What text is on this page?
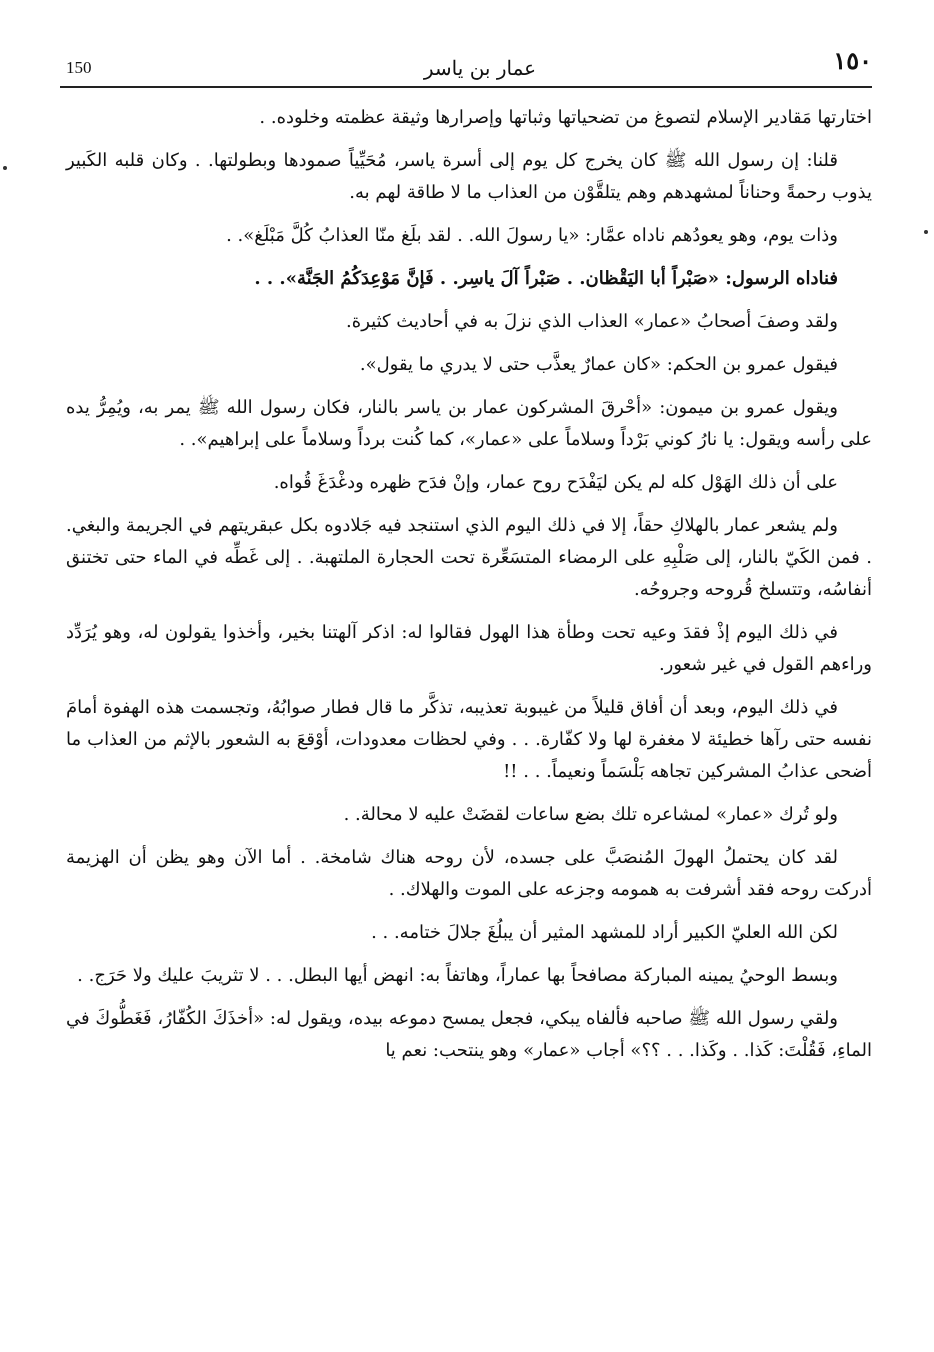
150	عمار بن ياسر	١٥٠

اختارتها مَقادير الإسلام لتصوغ من تضحياتها وثباتها وإصرارها وثيقة عظمته وخلوده. .

قلنا: إن رسول الله ﷺ كان يخرج كل يوم إلى أسرة ياسر، مُحَيِّياً صمودها وبطولتها. . وكان قلبه الكَبير يذوب رحمةً وحناناً لمشهدهم وهم يتلقَّوْن من العذاب ما لا طاقة لهم به.

وذات يوم، وهو يعودُهم ناداه عمَّار: «يا رسولَ الله. . لقد بلَغ منّا العذابُ كُلَّ مَبْلَغ». .

فناداه الرسول: «صَبْراً أبا اليَقْظان. . صَبْراً آلَ ياسِر. . فَإنَّ مَوْعِدَكُمُ الجَنَّة». . .

ولقد وصفَ أصحابُ «عمار» العذاب الذي نزلَ به في أحاديث كثيرة.

فيقول عمرو بن الحكم: «كان عمارٌ يعذَّب حتى لا يدري ما يقول».

ويقول عمرو بن ميمون: «أحْرقَ المشركون عمار بن ياسر بالنار، فكان رسول الله ﷺ يمر به، ويُمِرُّ يده على رأسه ويقول: يا نارُ كوني بَرْداً وسلاماً على «عمار»، كما كُنت برداً وسلاماً على إبراهيم». .

على أن ذلك الهَوْل كله لم يكن ليَفْدَح روح عمار، وإنْ فدَح ظهره ودغْدَغَ قُواه.

ولم يشعر عمار بالهلاكِ حقاً، إلا في ذلك اليوم الذي استنجد فيه جَلادوه بكل عبقريتهم في الجريمة والبغي. . فمن الكَيّ بالنار، إلى صَلْبِهِ على الرمضاء المتسَعِّرة تحت الحجارة الملتهبة. . إلى غَطِّه في الماء حتى تختنق أنفاسُه، وتتسلخ قُروحه وجروحُه.

في ذلك اليوم إذْ فقدَ وعيه تحت وطأة هذا الهول فقالوا له: اذكر آلهتنا بخير، وأخذوا يقولون له، وهو يُرَدِّد وراءهم القول في غير شعور.

في ذلك اليوم، وبعد أن أفاق قليلاً من غيبوبة تعذيبه، تذكَّر ما قال فطار صوابُهُ، وتجسمت هذه الهفوة أمامَ نفسه حتى رآها خطيئة لا مغفرة لها ولا كفّارة. . . وفي لحظات معدودات، أوْقعَ به الشعور بالإثم من العذاب ما أضحى عذابُ المشركين تجاهه بَلْسَماً ونعيماً. . . !!

ولو تُرك «عمار» لمشاعره تلك بضع ساعات لقضَتْ عليه لا محالة. .

لقد كان يحتملُ الهولَ المُنصَبَّ على جسده، لأن روحه هناك شامخة. . أما الآن وهو يظن أن الهزيمة أدركت روحه فقد أشرفت به همومه وجزعه على الموت والهلاك. .

لكن الله العليّ الكبير أراد للمشهد المثير أن يبلُغَ جلالَ ختامه. . .

وبسط الوحيُ يمينه المباركة مصافحاً بها عماراً، وهاتفاً به: انهض أيها البطل. . . لا تثريبَ عليك ولا حَرَج. .

ولقي رسول الله ﷺ صاحبه فألفاه يبكي، فجعل يمسح دموعه بيده، ويقول له: «أخذَكَ الكُفّارُ، فَغَطُّوكَ في الماءِ، فَقُلْتَ: كَذا. . وكَذا. . . ؟؟» أجاب «عمار» وهو ينتحب: نعم يا
